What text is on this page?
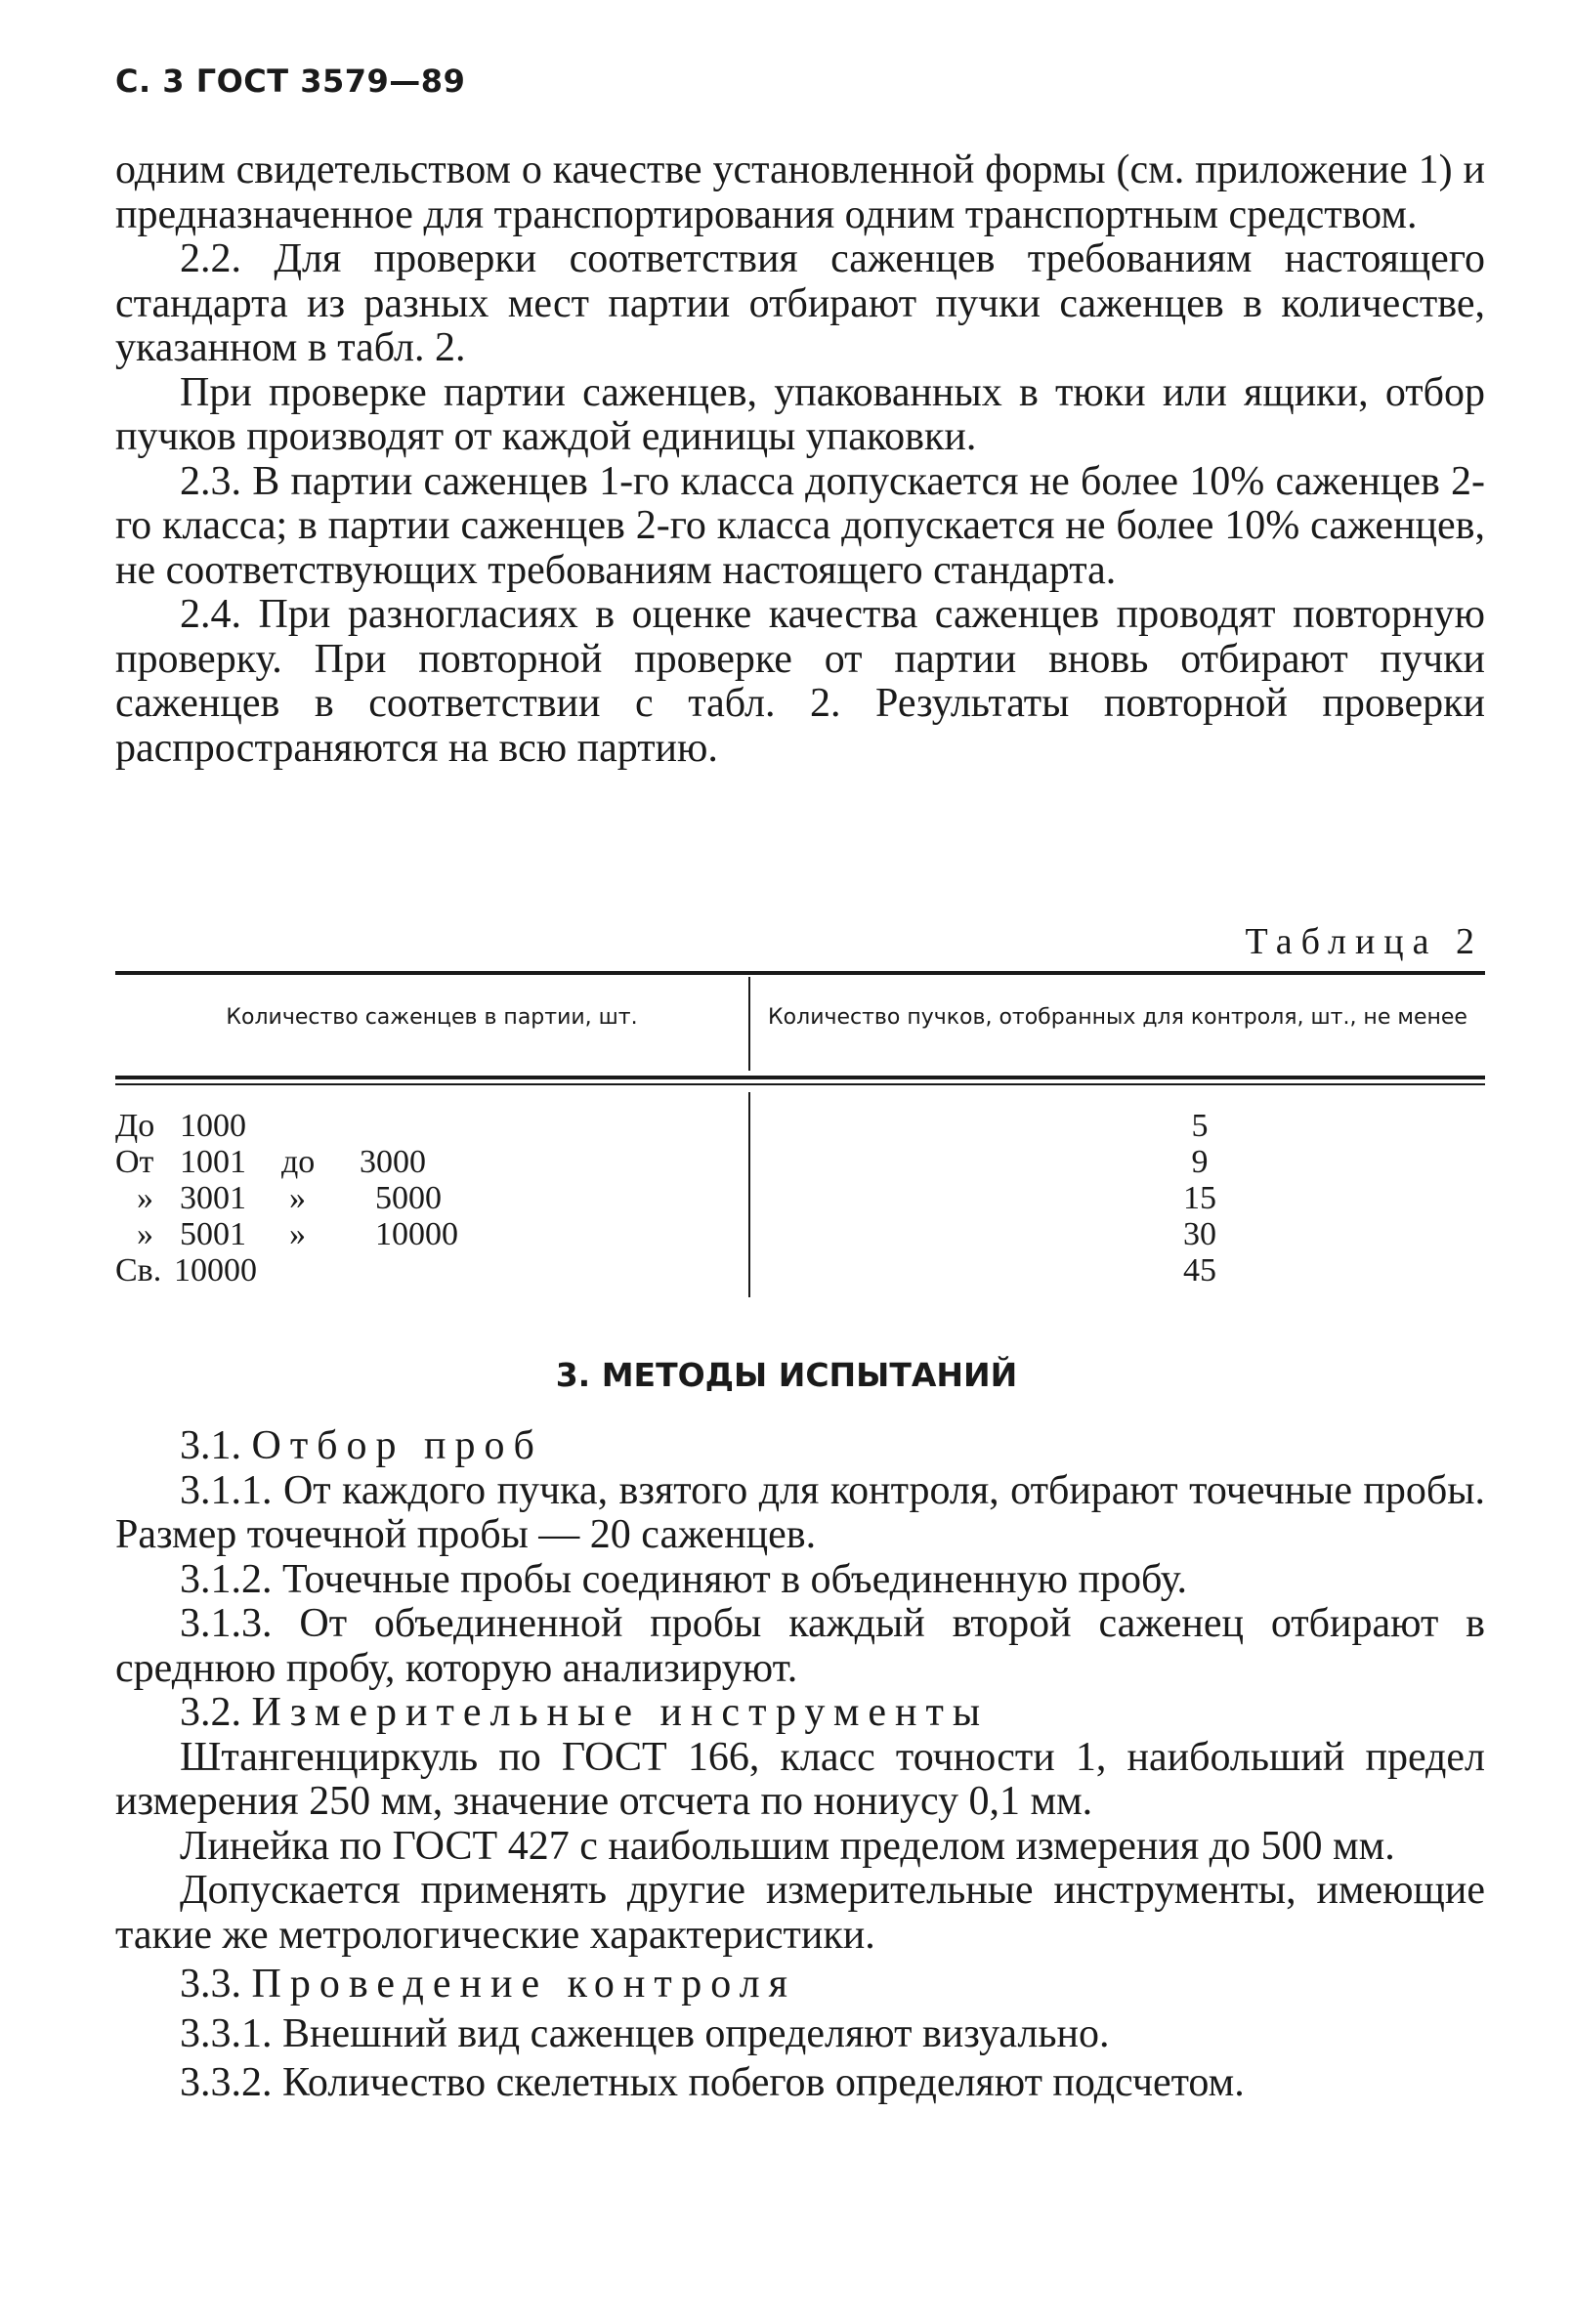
С. 3 ГОСТ 3579—89

одним свидетельством о качестве установленной формы (см. приложение 1) и предназначенное для транспортирования одним транспортным средством.

2.2. Для проверки соответствия саженцев требованиям настоящего стандарта из разных мест партии отбирают пучки саженцев в количестве, указанном в табл. 2.

При проверке партии саженцев, упакованных в тюки или ящики, отбор пучков производят от каждой единицы упаковки.

2.3. В партии саженцев 1-го класса допускается не более 10% саженцев 2-го класса; в партии саженцев 2-го класса допускается не более 10% саженцев, не соответствующих требованиям настоящего стандарта.

2.4. При разногласиях в оценке качества саженцев проводят повторную проверку. При повторной проверке от партии вновь отбирают пучки саженцев в соответствии с табл. 2. Результаты повторной проверки распространяются на всю партию.

Таблица 2
Количество саженцев в партии, шт.	Количество пучков, отобранных для контроля, шт., не менее
До 1000
От 1001 до 3000
» 3001 » 5000
» 5001 » 10000
Св. 10000
5
9
15
30
45
3. МЕТОДЫ ИСПЫТАНИЙ

3.1. Отбор проб

3.1.1. От каждого пучка, взятого для контроля, отбирают точечные пробы. Размер точечной пробы — 20 саженцев.

3.1.2. Точечные пробы соединяют в объединенную пробу.

3.1.3. От объединенной пробы каждый второй саженец отбирают в среднюю пробу, которую анализируют.

3.2. Измерительные инструменты

Штангенциркуль по ГОСТ 166, класс точности 1, наибольший предел измерения 250 мм, значение отсчета по нониусу 0,1 мм.

Линейка по ГОСТ 427 с наибольшим пределом измерения до 500 мм.

Допускается применять другие измерительные инструменты, имеющие такие же метрологические характеристики.

3.3. Проведение контроля

3.3.1. Внешний вид саженцев определяют визуально.

3.3.2. Количество скелетных побегов определяют подсчетом.
